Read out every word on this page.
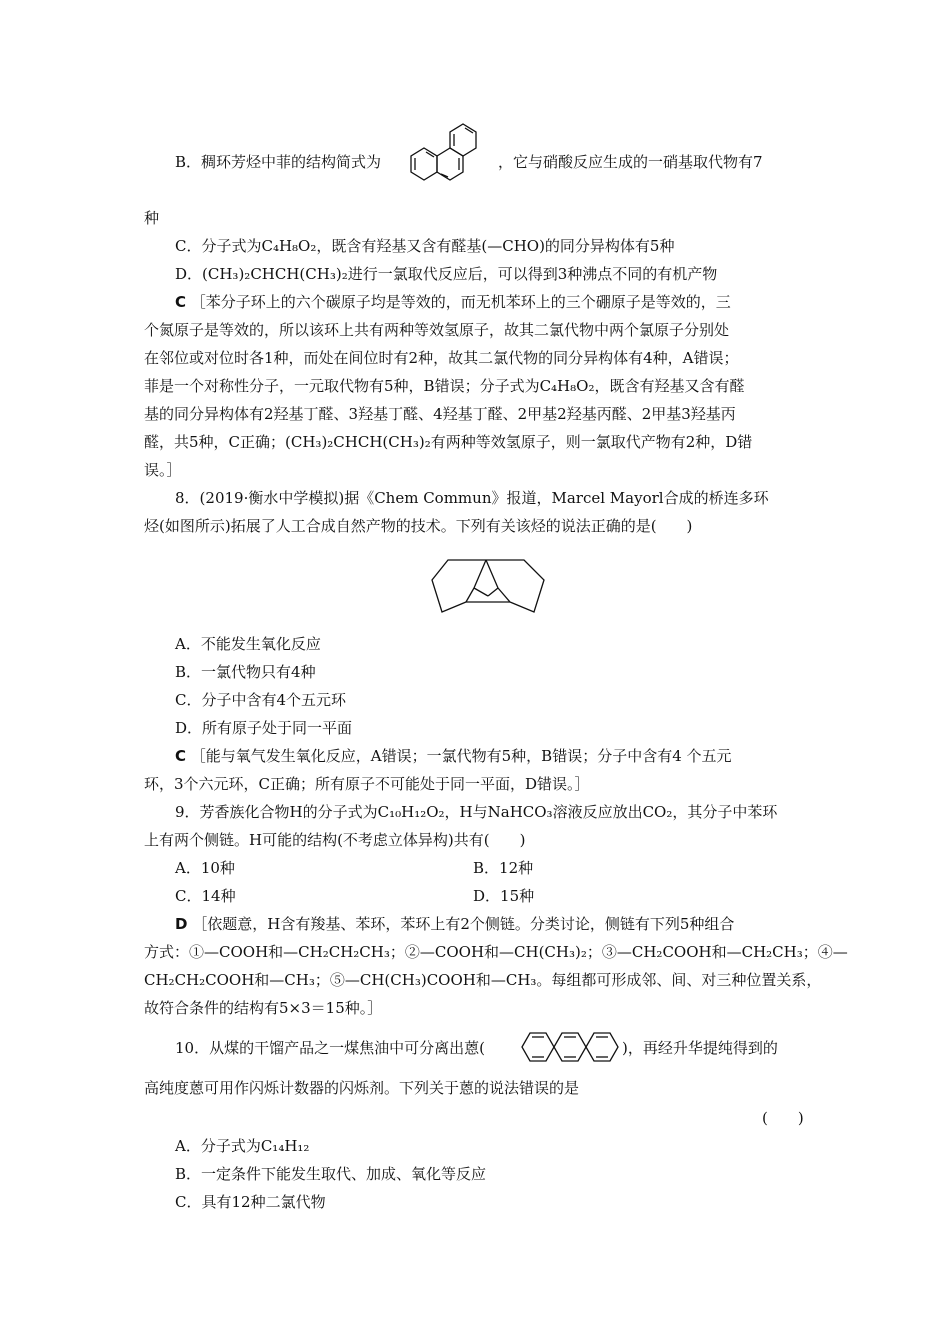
B．稠环芳烃中菲的结构简式为	，它与硝酸反应生成的一硝基取代物有7
种
C．分子式为C₄H₈O₂，既含有羟基又含有醛基(—CHO)的同分异构体有5种
D．(CH₃)₂CHCH(CH₃)₂进行一氯取代反应后，可以得到3种沸点不同的有机产物
C ［苯分子环上的六个碳原子均是等效的，而无机苯环上的三个硼原子是等效的，三
个氮原子是等效的，所以该环上共有两种等效氢原子，故其二氯代物中两个氯原子分别处
在邻位或对位时各1种，而处在间位时有2种，故其二氯代物的同分异构体有4种，A错误；
菲是一个对称性分子，一元取代物有5种，B错误；分子式为C₄H₈O₂，既含有羟基又含有醛
基的同分异构体有2羟基丁醛、3羟基丁醛、4羟基丁醛、2甲基2羟基丙醛、2甲基3羟基丙
醛，共5种，C正确；(CH₃)₂CHCH(CH₃)₂有两种等效氢原子，则一氯取代产物有2种，D错
误。］
8．(2019·衡水中学模拟)据《Chem Commun》报道，Marcel Mayorl合成的桥连多环
烃(如图所示)拓展了人工合成自然产物的技术。下列有关该烃的说法正确的是(　　)
A．不能发生氧化反应
B．一氯代物只有4种
C．分子中含有4个五元环
D．所有原子处于同一平面
C ［能与氧气发生氧化反应，A错误；一氯代物有5种，B错误；分子中含有4 个五元
环，3个六元环，C正确；所有原子不可能处于同一平面，D错误。］
9．芳香族化合物H的分子式为C₁₀H₁₂O₂，H与NaHCO₃溶液反应放出CO₂，其分子中苯环
上有两个侧链。H可能的结构(不考虑立体异构)共有(　　)
A．10种	B．12种
C．14种	D．15种
D ［依题意，H含有羧基、苯环，苯环上有2个侧链。分类讨论，侧链有下列5种组合
方式：①—COOH和—CH₂CH₂CH₃；②—COOH和—CH(CH₃)₂；③—CH₂COOH和—CH₂CH₃；④—
CH₂CH₂COOH和—CH₃；⑤—CH(CH₃)COOH和—CH₃。每组都可形成邻、间、对三种位置关系，
故符合条件的结构有5×3＝15种。］
10．从煤的干馏产品之一煤焦油中可分离出蒽(	)，再经升华提纯得到的
高纯度蒽可用作闪烁计数器的闪烁剂。下列关于蒽的说法错误的是
(　　)
A．分子式为C₁₄H₁₂
B．一定条件下能发生取代、加成、氧化等反应
C．具有12种二氯代物
